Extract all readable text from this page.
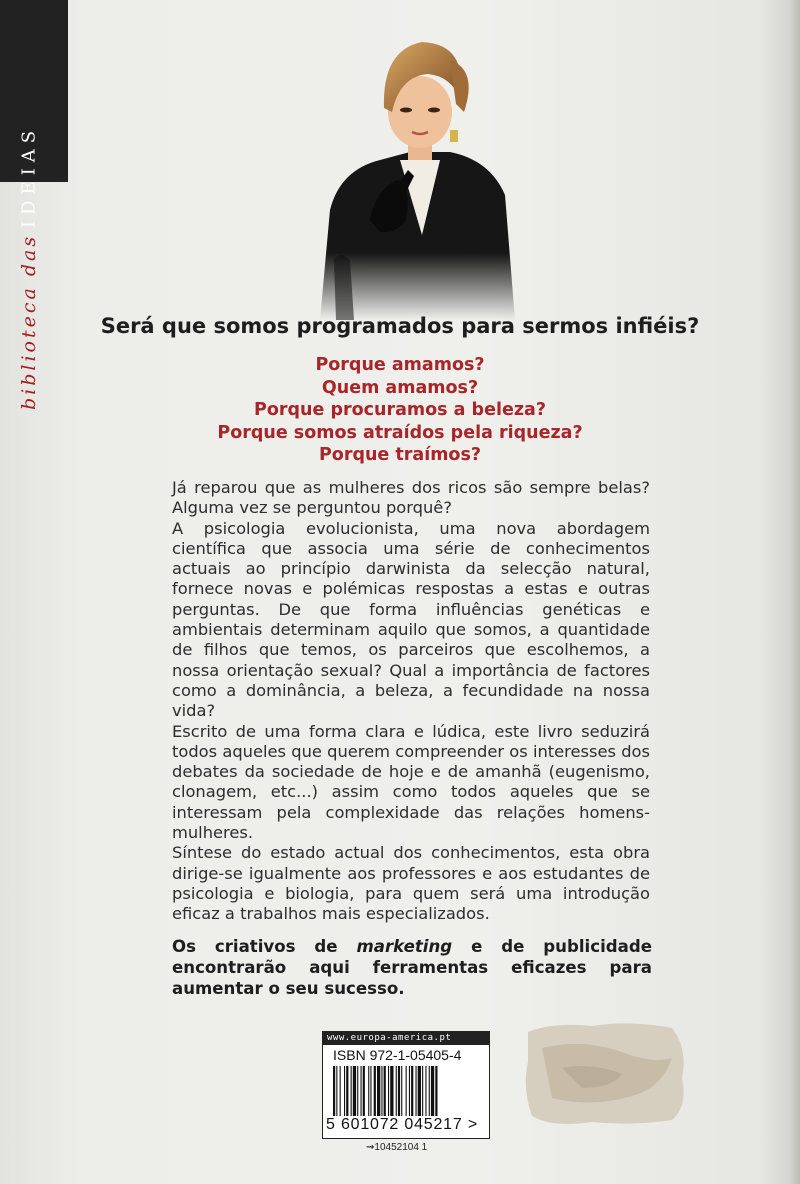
biblioteca das
IDEIAS
Será que somos programados para sermos infiéis?
Porque amamos?
Quem amamos?
Porque procuramos a beleza?
Porque somos atraídos pela riqueza?
Porque traímos?

Já reparou que as mulheres dos ricos são sempre belas? Alguma vez se perguntou porquê?

A psicologia evolucionista, uma nova abordagem científica que associa uma série de conhecimentos actuais ao princípio darwinista da selecção natural, fornece novas e polémicas respostas a estas e outras perguntas. De que forma influências genéticas e ambientais determinam aquilo que somos, a quantidade de filhos que temos, os parceiros que escolhemos, a nossa orientação sexual? Qual a importância de factores como a dominância, a beleza, a fecundidade na nossa vida?

Escrito de uma forma clara e lúdica, este livro seduzirá todos aqueles que querem compreender os interesses dos debates da sociedade de hoje e de amanhã (eugenismo, clonagem, etc...) assim como todos aqueles que se interessam pela complexidade das relações homens-mulheres.

Síntese do estado actual dos conhecimentos, esta obra dirige-se igualmente aos professores e aos estudantes de psicologia e biologia, para quem será uma introdução eficaz a trabalhos mais especializados.

Os criativos de marketing e de publicidade encontrarão aqui ferramentas eficazes para aumentar o seu sucesso.
www.europa-america.pt
ISBN 972-1-05405-4
5 601072 045217 >
⇝10452104 1
